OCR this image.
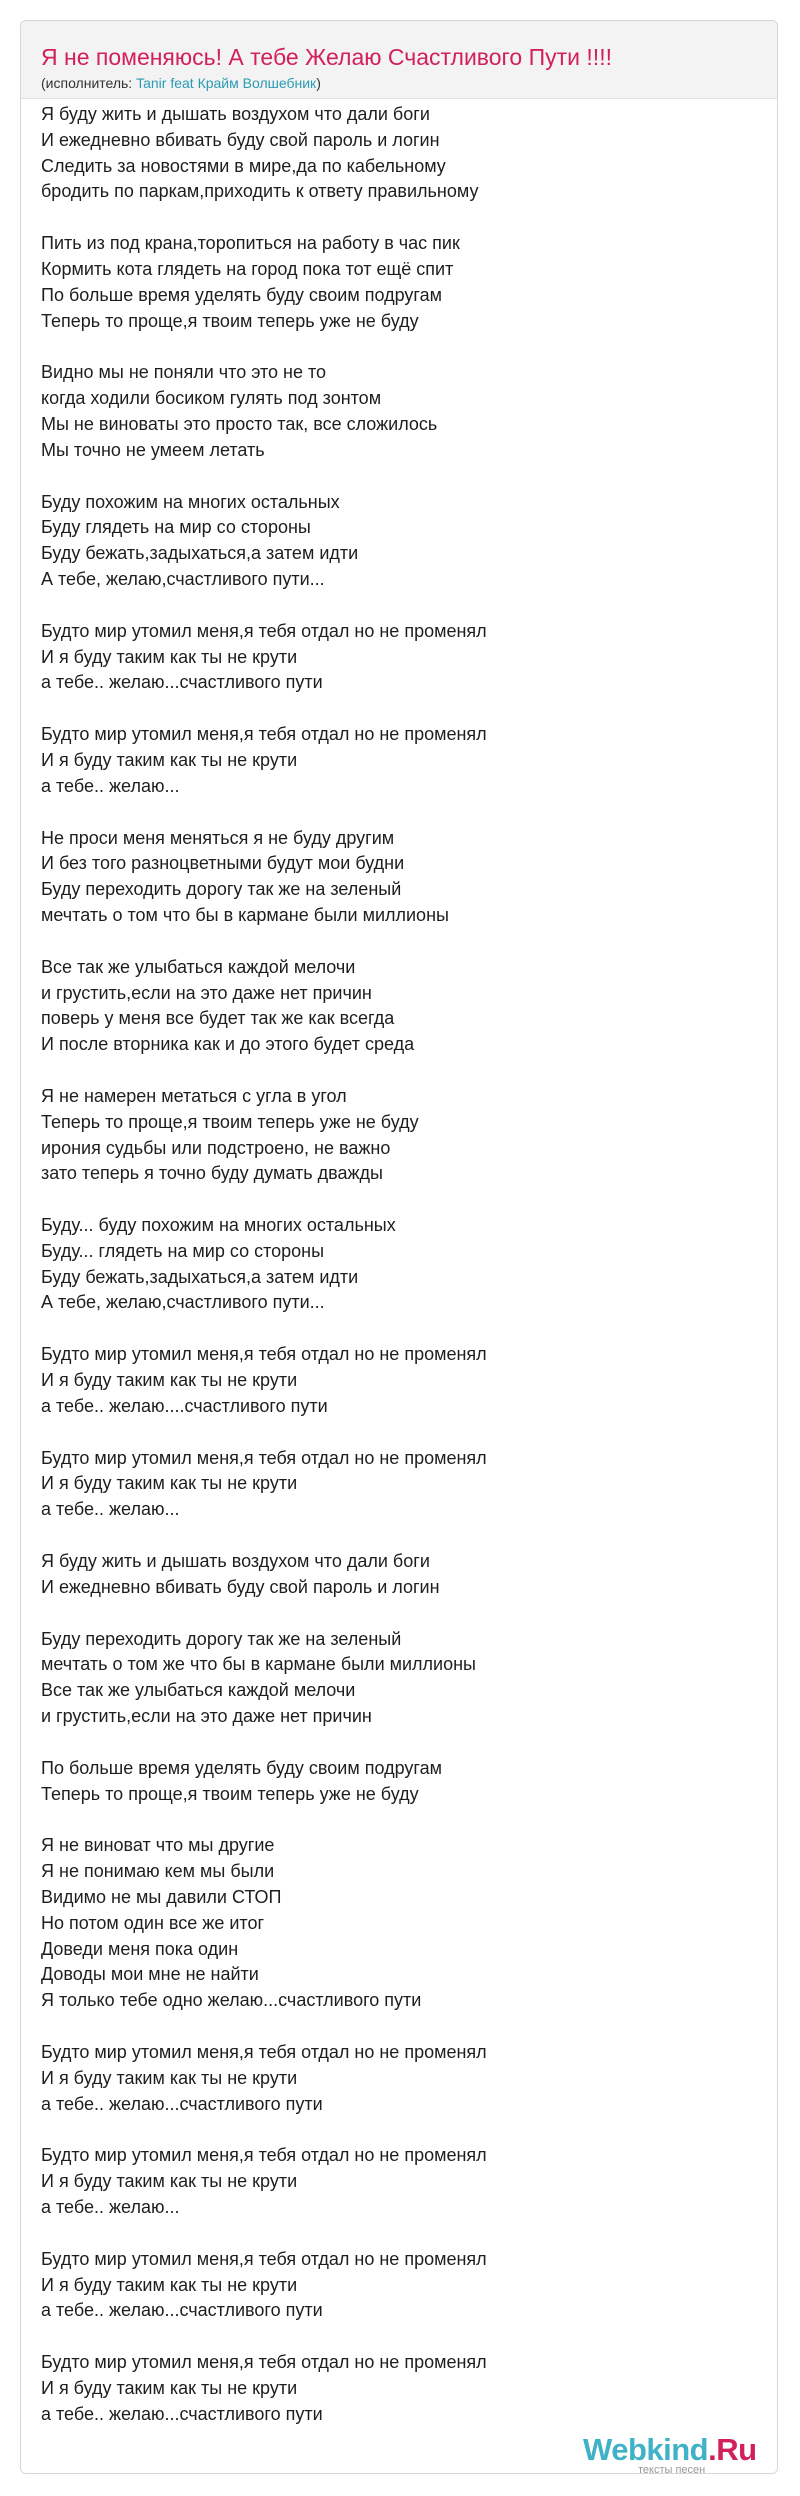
Я не поменяюсь! А тебе Желаю Счастливого Пути !!!!
(исполнитель: Tanir feat Крайм Волшебник)
Я буду жить и дышать воздухом что дали боги
И ежедневно вбивать буду свой пароль и логин
Следить за новостями в мире,да по кабельному
бродить по паркам,приходить к ответу правильному
Пить из под крана,торопиться на работу в час пик
Кормить кота глядеть на город пока тот ещё спит
По больше время уделять буду своим подругам
Теперь то проще,я твоим теперь уже не буду
Видно мы не поняли что это не то
когда ходили босиком гулять под зонтом
Мы не виноваты это просто так, все сложилось
Мы точно не умеем летать
Буду похожим на многих остальных
Буду глядеть на мир со стороны
Буду бежать,задыхаться,а затем идти
А тебе, желаю,счастливого пути...
Будто мир утомил меня,я тебя отдал но не променял
И я буду таким как ты не крути
а тебе.. желаю...счастливого пути
Будто мир утомил меня,я тебя отдал но не променял
И я буду таким как ты не крути
а тебе.. желаю...
Не проси меня меняться я не буду другим
И без того разноцветными будут мои будни
Буду переходить дорогу так же на зеленый
мечтать о том что бы в кармане были миллионы
Все так же улыбаться каждой мелочи
и грустить,если на это даже нет причин
поверь у меня все будет так же как всегда
И после вторника как и до этого будет среда
Я не намерен метаться с угла в угол
Теперь то проще,я твоим теперь уже не буду
ирония судьбы или подстроено, не важно
зато теперь я точно буду думать дважды
Буду... буду похожим на многих остальных
Буду... глядеть на мир со стороны
Буду бежать,задыхаться,а затем идти
А тебе, желаю,счастливого пути...
Будто мир утомил меня,я тебя отдал но не променял
И я буду таким как ты не крути
а тебе.. желаю....счастливого пути
Будто мир утомил меня,я тебя отдал но не променял
И я буду таким как ты не крути
а тебе.. желаю...
Я буду жить и дышать воздухом что дали боги
И ежедневно вбивать буду свой пароль и логин
Буду переходить дорогу так же на зеленый
мечтать о том же что бы в кармане были миллионы
Все так же улыбаться каждой мелочи
и грустить,если на это даже нет причин
По больше время уделять буду своим подругам
Теперь то проще,я твоим теперь уже не буду
Я не виноват что мы другие
Я не понимаю кем мы были
Видимо не мы давили СТОП
Но потом один все же итог
Доведи меня пока один
Доводы мои мне не найти
Я только тебе одно желаю...счастливого пути
Будто мир утомил меня,я тебя отдал но не променял
И я буду таким как ты не крути
а тебе.. желаю...счастливого пути
Будто мир утомил меня,я тебя отдал но не променял
И я буду таким как ты не крути
а тебе.. желаю...
Будто мир утомил меня,я тебя отдал но не променял
И я буду таким как ты не крути
а тебе.. желаю...счастливого пути
Будто мир утомил меня,я тебя отдал но не променял
И я буду таким как ты не крути
а тебе.. желаю...счастливого пути
Webkind.Ru
тексты песен
